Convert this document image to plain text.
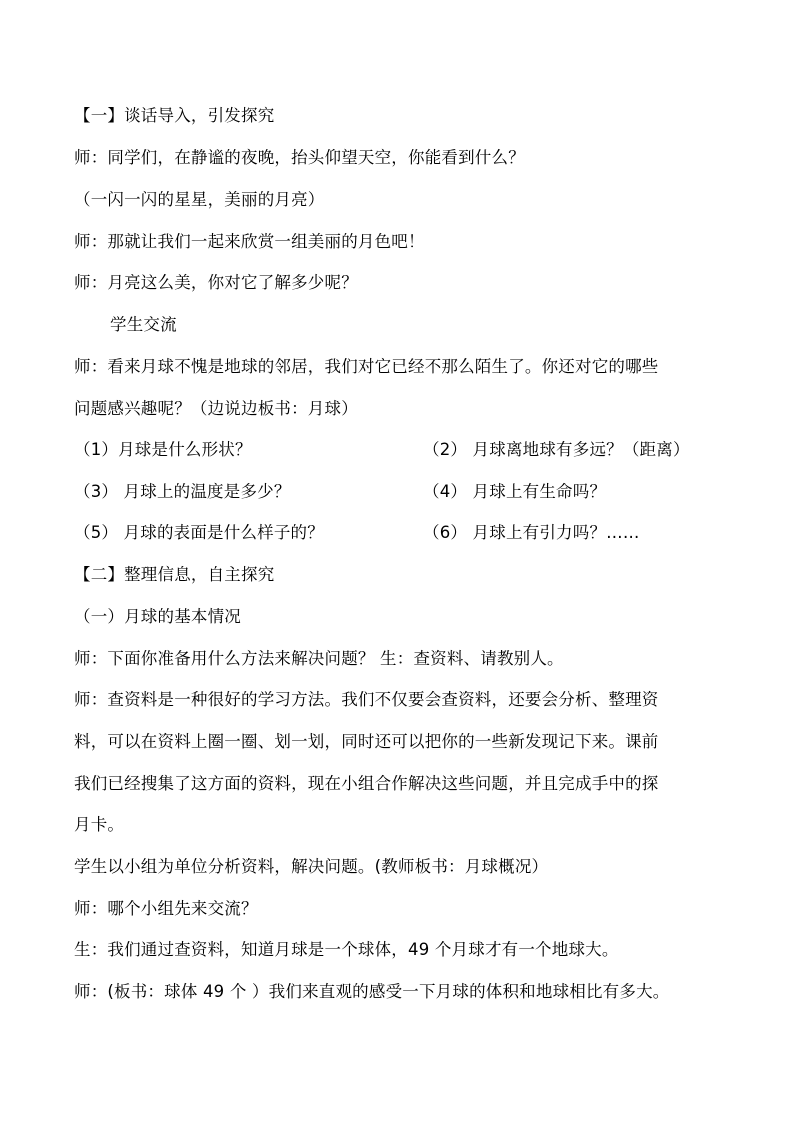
【一】谈话导入，引发探究
师：同学们，在静谧的夜晚，抬头仰望天空，你能看到什么？
（一闪一闪的星星，美丽的月亮）
师：那就让我们一起来欣赏一组美丽的月色吧！
师：月亮这么美，你对它了解多少呢？
学生交流
师：看来月球不愧是地球的邻居，我们对它已经不那么陌生了。你还对它的哪些
问题感兴趣呢？（边说边板书：月球）
（1）月球是什么形状？	（2） 月球离地球有多远？（距离）
（3） 月球上的温度是多少？	（4） 月球上有生命吗？
（5） 月球的表面是什么样子的？	（6） 月球上有引力吗？……
【二】整理信息，自主探究
（一）月球的基本情况
师：下面你准备用什么方法来解决问题？ 生：查资料、请教别人。
师：查资料是一种很好的学习方法。我们不仅要会查资料，还要会分析、整理资
料，可以在资料上圈一圈、划一划，同时还可以把你的一些新发现记下来。课前
我们已经搜集了这方面的资料，现在小组合作解决这些问题，并且完成手中的探
月卡。
学生以小组为单位分析资料，解决问题。(教师板书：月球概况）
师：哪个小组先来交流？
生：我们通过查资料，知道月球是一个球体，49 个月球才有一个地球大。
师：(板书：球体 49 个 ）我们来直观的感受一下月球的体积和地球相比有多大。
